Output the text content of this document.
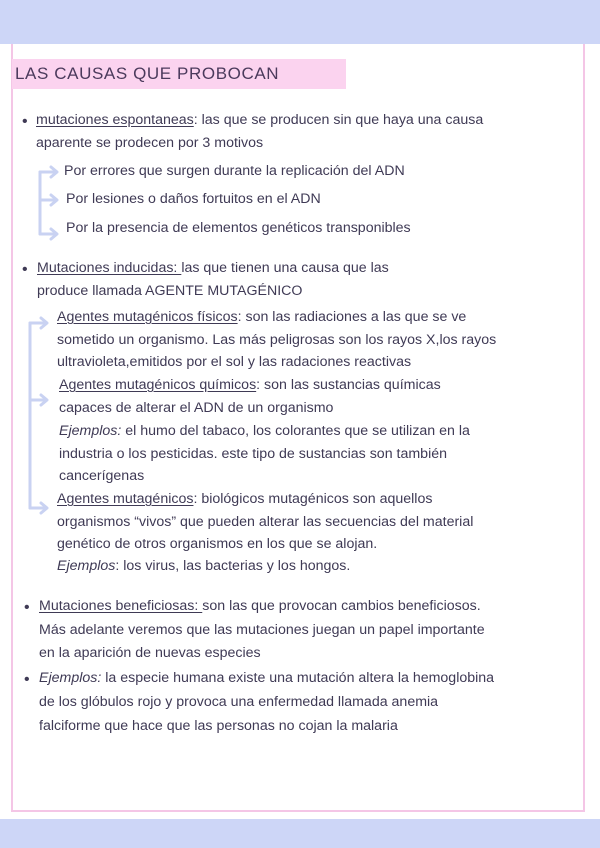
LAS CAUSAS QUE PROBOCAN
• mutaciones espontaneas: las que se producen sin que haya una causa
aparente se prodecen por 3 motivos
Por errores que surgen durante la replicación del ADN
Por lesiones o daños fortuitos en el ADN
Por la presencia de elementos genéticos transponibles
• Mutaciones inducidas: las que tienen una causa que las
produce llamada AGENTE MUTAGÉNICO
Agentes mutagénicos físicos: son las radiaciones a las que se ve
sometido un organismo. Las más peligrosas son los rayos X,los rayos
ultravioleta,emitidos por el sol y las radaciones reactivas
Agentes mutagénicos químicos: son las sustancias químicas
capaces de alterar el ADN de un organismo
Ejemplos: el humo del tabaco, los colorantes que se utilizan en la
industria o los pesticidas. este tipo de sustancias son también
cancerígenas
Agentes mutagénicos: biológicos mutagénicos son aquellos
organismos “vivos” que pueden alterar las secuencias del material
genético de otros organismos en los que se alojan.
Ejemplos: los virus, las bacterias y los hongos.
• Mutaciones beneficiosas: son las que provocan cambios beneficiosos.
Más adelante veremos que las mutaciones juegan un papel importante
en la aparición de nuevas especies
• Ejemplos: la especie humana existe una mutación altera la hemoglobina
de los glóbulos rojo y provoca una enfermedad llamada anemia
falciforme que hace que las personas no cojan la malaria
